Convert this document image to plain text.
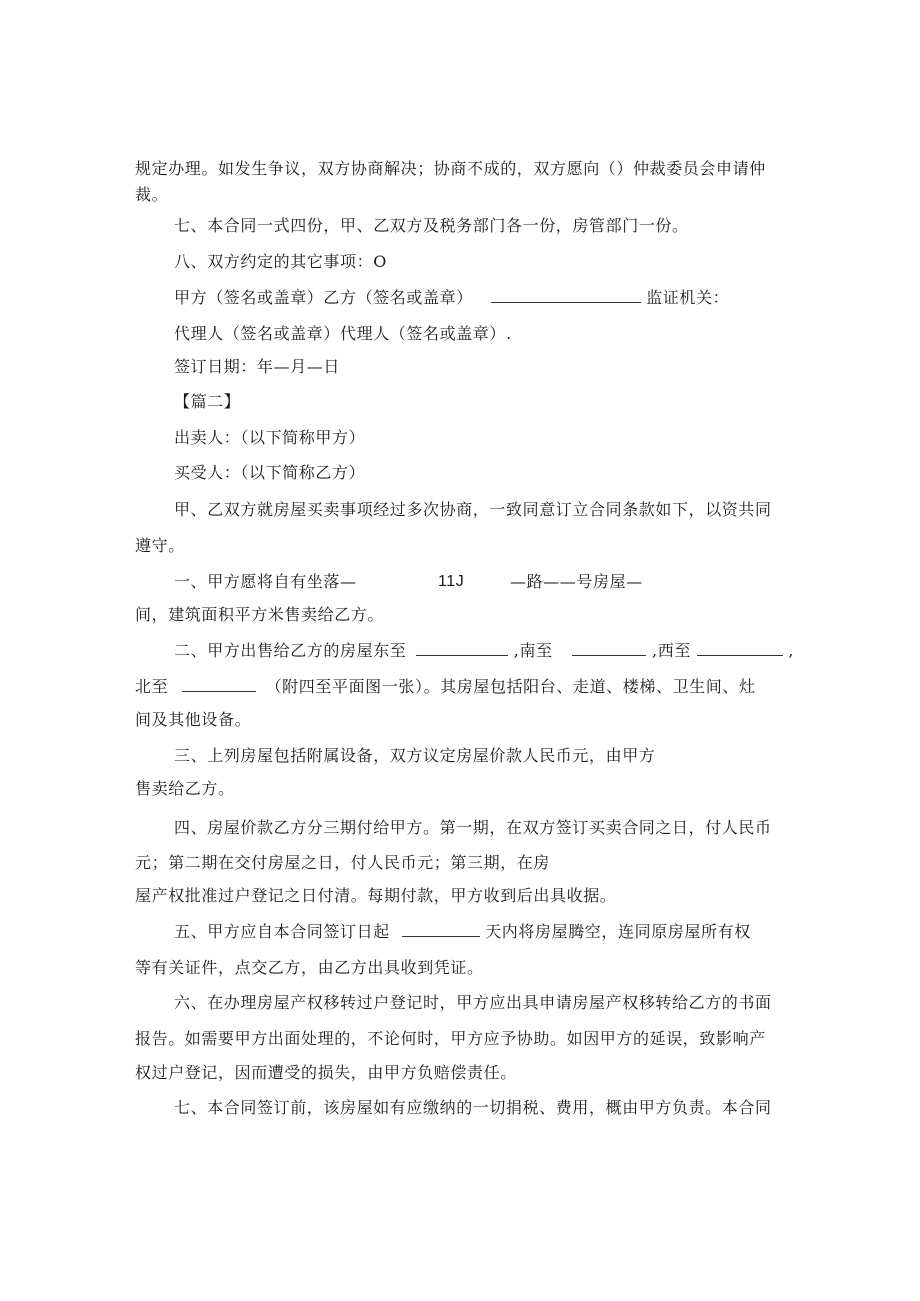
规定办理。如发生争议，双方协商解决；协商不成的，双方愿向（）仲裁委员会申请仲
裁。
七、本合同一式四份，甲、乙双方及税务部门各一份，房管部门一份。
八、双方约定的其它事项：O
甲方（签名或盖章）乙方（签名或盖章）	监证机关：
代理人（签名或盖章）代理人（签名或盖章）.
签订日期：年—月—日
【篇二】
出卖人：（以下简称甲方）
买受人：（以下简称乙方）
甲、乙双方就房屋买卖事项经过多次协商，一致同意订立合同条款如下，以资共同
遵守。
一、甲方愿将自有坐落—	11J	—路——号房屋—
间，建筑面积平方米售卖给乙方。
二、甲方出售给乙方的房屋东至	,南至	,西至	,
北至	（附四至平面图一张）。其房屋包括阳台、走道、楼梯、卫生间、灶
间及其他设备。
三、上列房屋包括附属设备，双方议定房屋价款人民币元，由甲方
售卖给乙方。
四、房屋价款乙方分三期付给甲方。第一期，在双方签订买卖合同之日，付人民币
元；第二期在交付房屋之日，付人民币元；第三期，在房
屋产权批准过户登记之日付清。每期付款，甲方收到后出具收据。
五、甲方应自本合同签订日起	天内将房屋腾空，连同原房屋所有权
等有关证件，点交乙方，由乙方出具收到凭证。
六、在办理房屋产权移转过户登记时，甲方应出具申请房屋产权移转给乙方的书面
报告。如需要甲方出面处理的，不论何时，甲方应予协助。如因甲方的延误，致影响产
权过户登记，因而遭受的损失，由甲方负赔偿责任。
七、本合同签订前，该房屋如有应缴纳的一切捐税、费用，概由甲方负责。本合同
